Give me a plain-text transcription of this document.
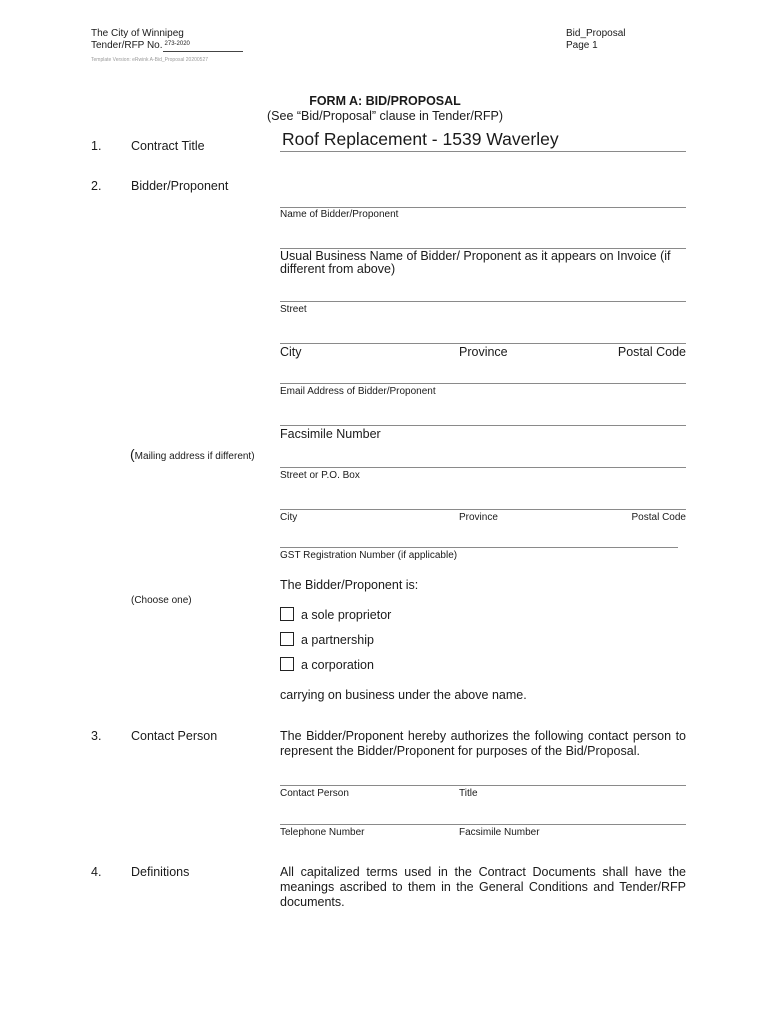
The City of Winnipeg
Tender/RFP No. 273-2020
Template Version: eRwink A-Bid_Proposal 20200527
Bid_Proposal
Page 1
FORM A: BID/PROPOSAL
(See “Bid/Proposal” clause in Tender/RFP)
1. Contract Title	Roof Replacement - 1539 Waverley
2. Bidder/Proponent
Name of Bidder/Proponent
Usual Business Name of Bidder/ Proponent as it appears on Invoice (if different from above)
Street
City	Province	Postal Code
Email Address of Bidder/Proponent
Facsimile Number
(Mailing address if different)
Street or P.O. Box
City	Province	Postal Code
GST Registration Number (if applicable)
The Bidder/Proponent is:
(Choose one)
a sole proprietor
a partnership
a corporation
carrying on business under the above name.
3. Contact Person	The Bidder/Proponent hereby authorizes the following contact person to represent the Bidder/Proponent for purposes of the Bid/Proposal.
Contact Person	Title
Telephone Number	Facsimile Number
4. Definitions	All capitalized terms used in the Contract Documents shall have the meanings ascribed to them in the General Conditions and Tender/RFP documents.
